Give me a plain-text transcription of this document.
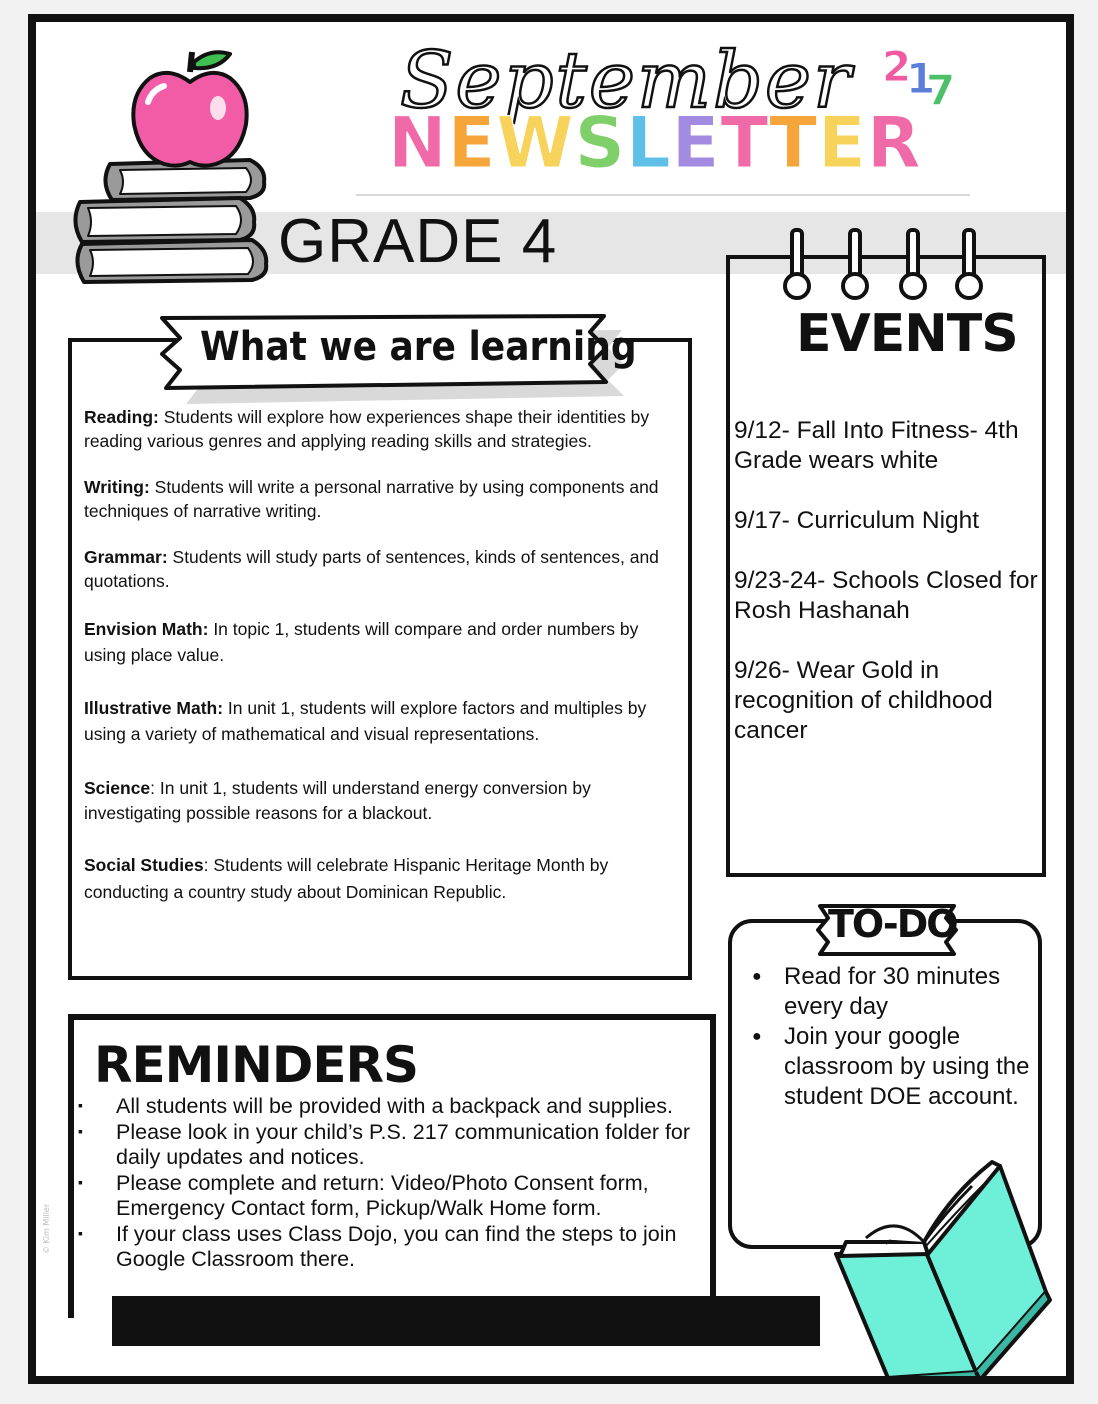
September 2
1
7
N E W S L E T T E R
GRADE 4
What we are learning

Reading: Students will explore how experiences shape their identities by reading various genres and applying reading skills and strategies.

Writing: Students will write a personal narrative by using components and techniques of narrative writing.

Grammar: Students will study parts of sentences, kinds of sentences, and quotations.

Envision Math: In topic 1, students will compare and order numbers by using place value.

Illustrative Math: In unit 1, students will explore factors and multiples by using a variety of mathematical and visual representations.

Science: In unit 1, students will understand energy conversion by investigating possible reasons for a blackout.

Social Studies: Students will celebrate Hispanic Heritage Month by conducting a country study about Dominican Republic.

EVENTS
9/12- Fall Into Fitness- 4th Grade wears white
9/17- Curriculum Night
9/23-24- Schools Closed for Rosh Hashanah
9/26- Wear Gold in recognition of childhood cancer
TO-DO
● Read for 30 minutes every day
● Join your google classroom by using the student DOE account.
REMINDERS
▪ All students will be provided with a backpack and supplies.
▪ Please look in your child’s P.S. 217 communication folder for daily updates and notices.
▪ Please complete and return: Video/Photo Consent form, Emergency Contact form, Pickup/Walk Home form.
▪ If your class uses Class Dojo, you can find the steps to join Google Classroom there.
© Kim Miller
